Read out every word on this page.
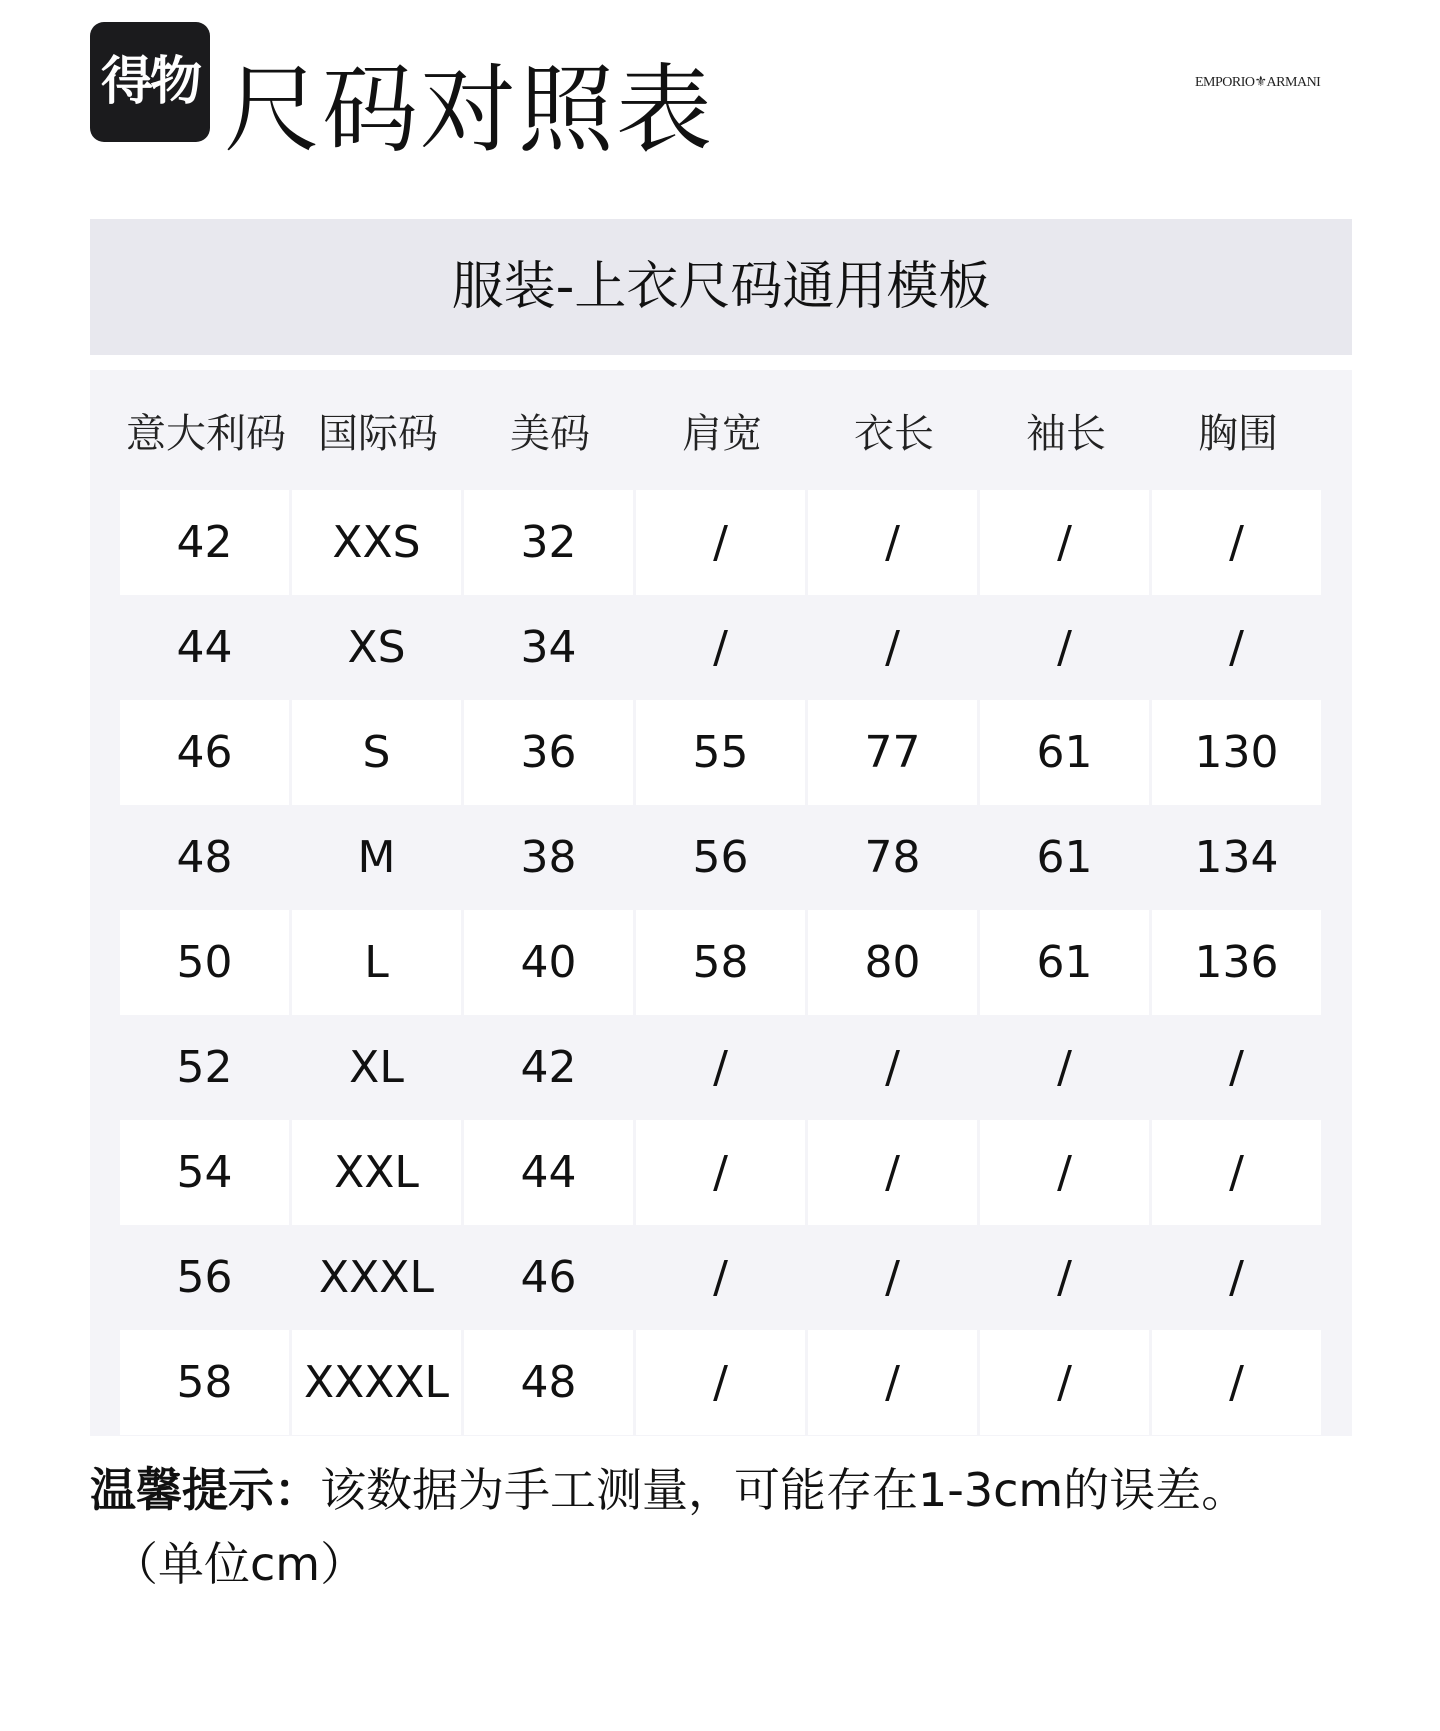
得物 尺码对照表	EMPORIO⚜ARMANI
服装-上衣尺码通用模板
意大利码 国际码	美码	肩宽	衣长	袖长	胸围
42	XXS	32	/	/	/	/
44	XS	34	/	/	/	/
46	S	36	55	77	61	130
48	M	38	56	78	61	134
50	L	40	58	80	61	136
52	XL	42	/	/	/	/
54	XXL	44	/	/	/	/
56	XXXL	46	/	/	/	/
58	XXXXL	48	/	/	/	/
温馨提示：该数据为手工测量，可能存在1-3cm的误差。
（单位cm）
